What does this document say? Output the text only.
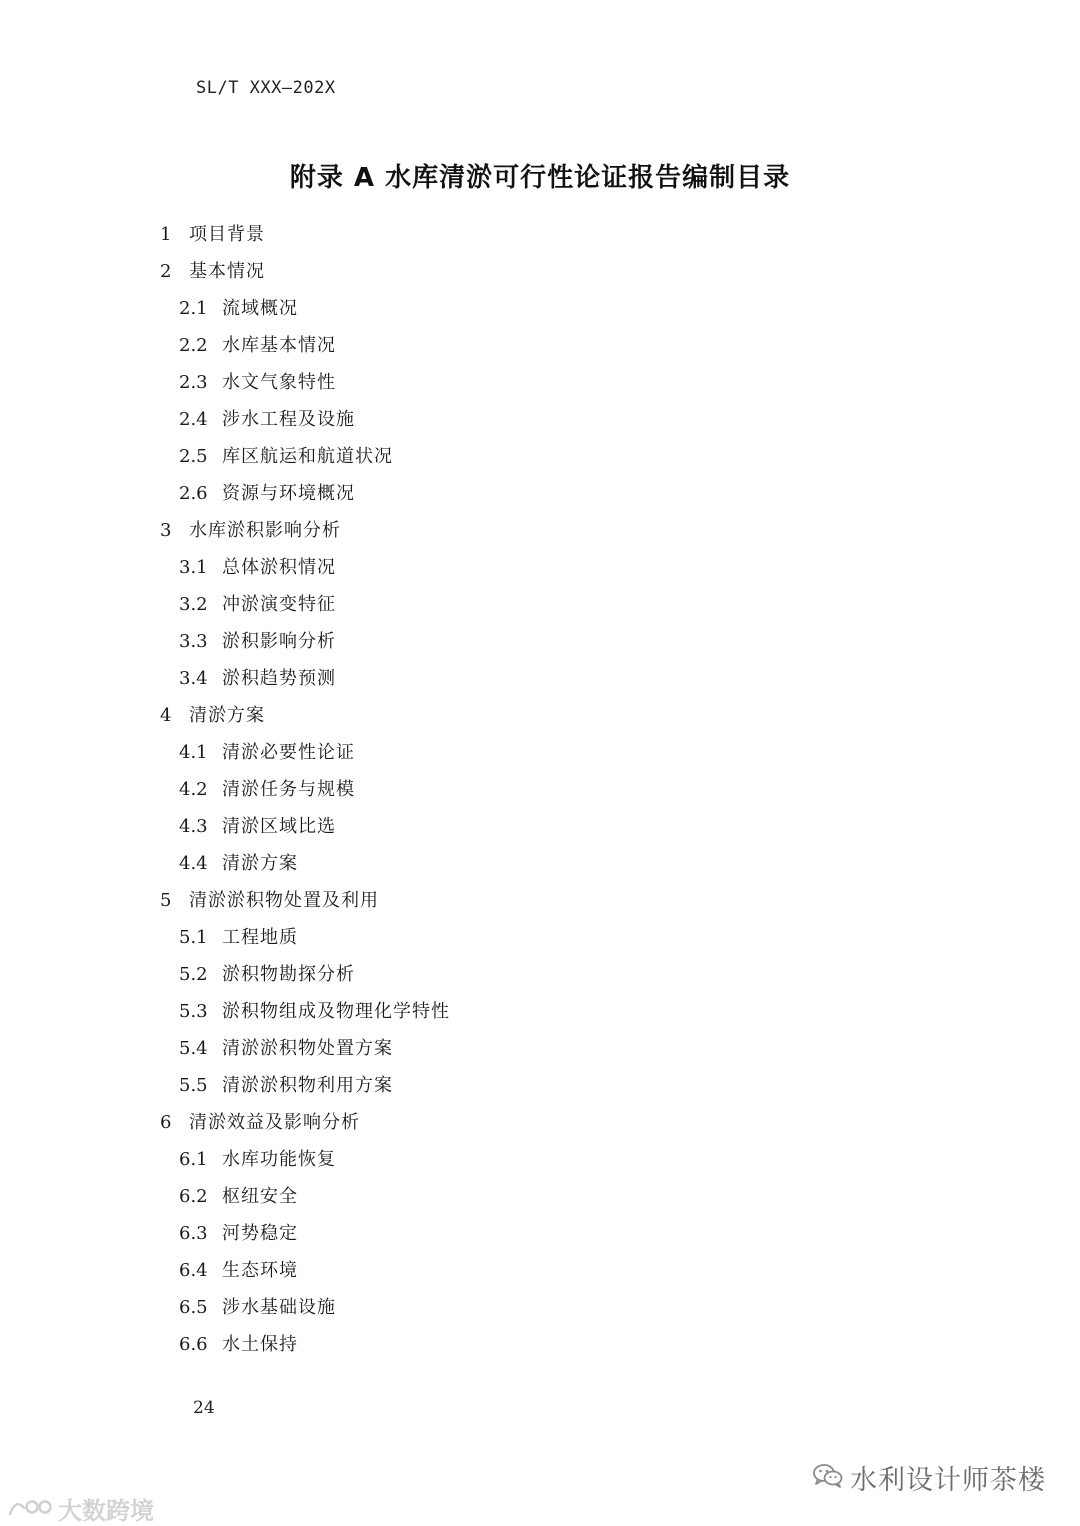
SL/T XXX—202X
附录 A 水库清淤可行性论证报告编制目录
1 项目背景
2 基本情况
2.1 流域概况
2.2 水库基本情况
2.3 水文气象特性
2.4 涉水工程及设施
2.5 库区航运和航道状况
2.6 资源与环境概况
3 水库淤积影响分析
3.1 总体淤积情况
3.2 冲淤演变特征
3.3 淤积影响分析
3.4 淤积趋势预测
4 清淤方案
4.1 清淤必要性论证
4.2 清淤任务与规模
4.3 清淤区域比选
4.4 清淤方案
5 清淤淤积物处置及利用
5.1 工程地质
5.2 淤积物勘探分析
5.3 淤积物组成及物理化学特性
5.4 清淤淤积物处置方案
5.5 清淤淤积物利用方案
6 清淤效益及影响分析
6.1 水库功能恢复
6.2 枢纽安全
6.3 河势稳定
6.4 生态环境
6.5 涉水基础设施
6.6 水土保持
24
水利设计师茶楼
大数跨境
